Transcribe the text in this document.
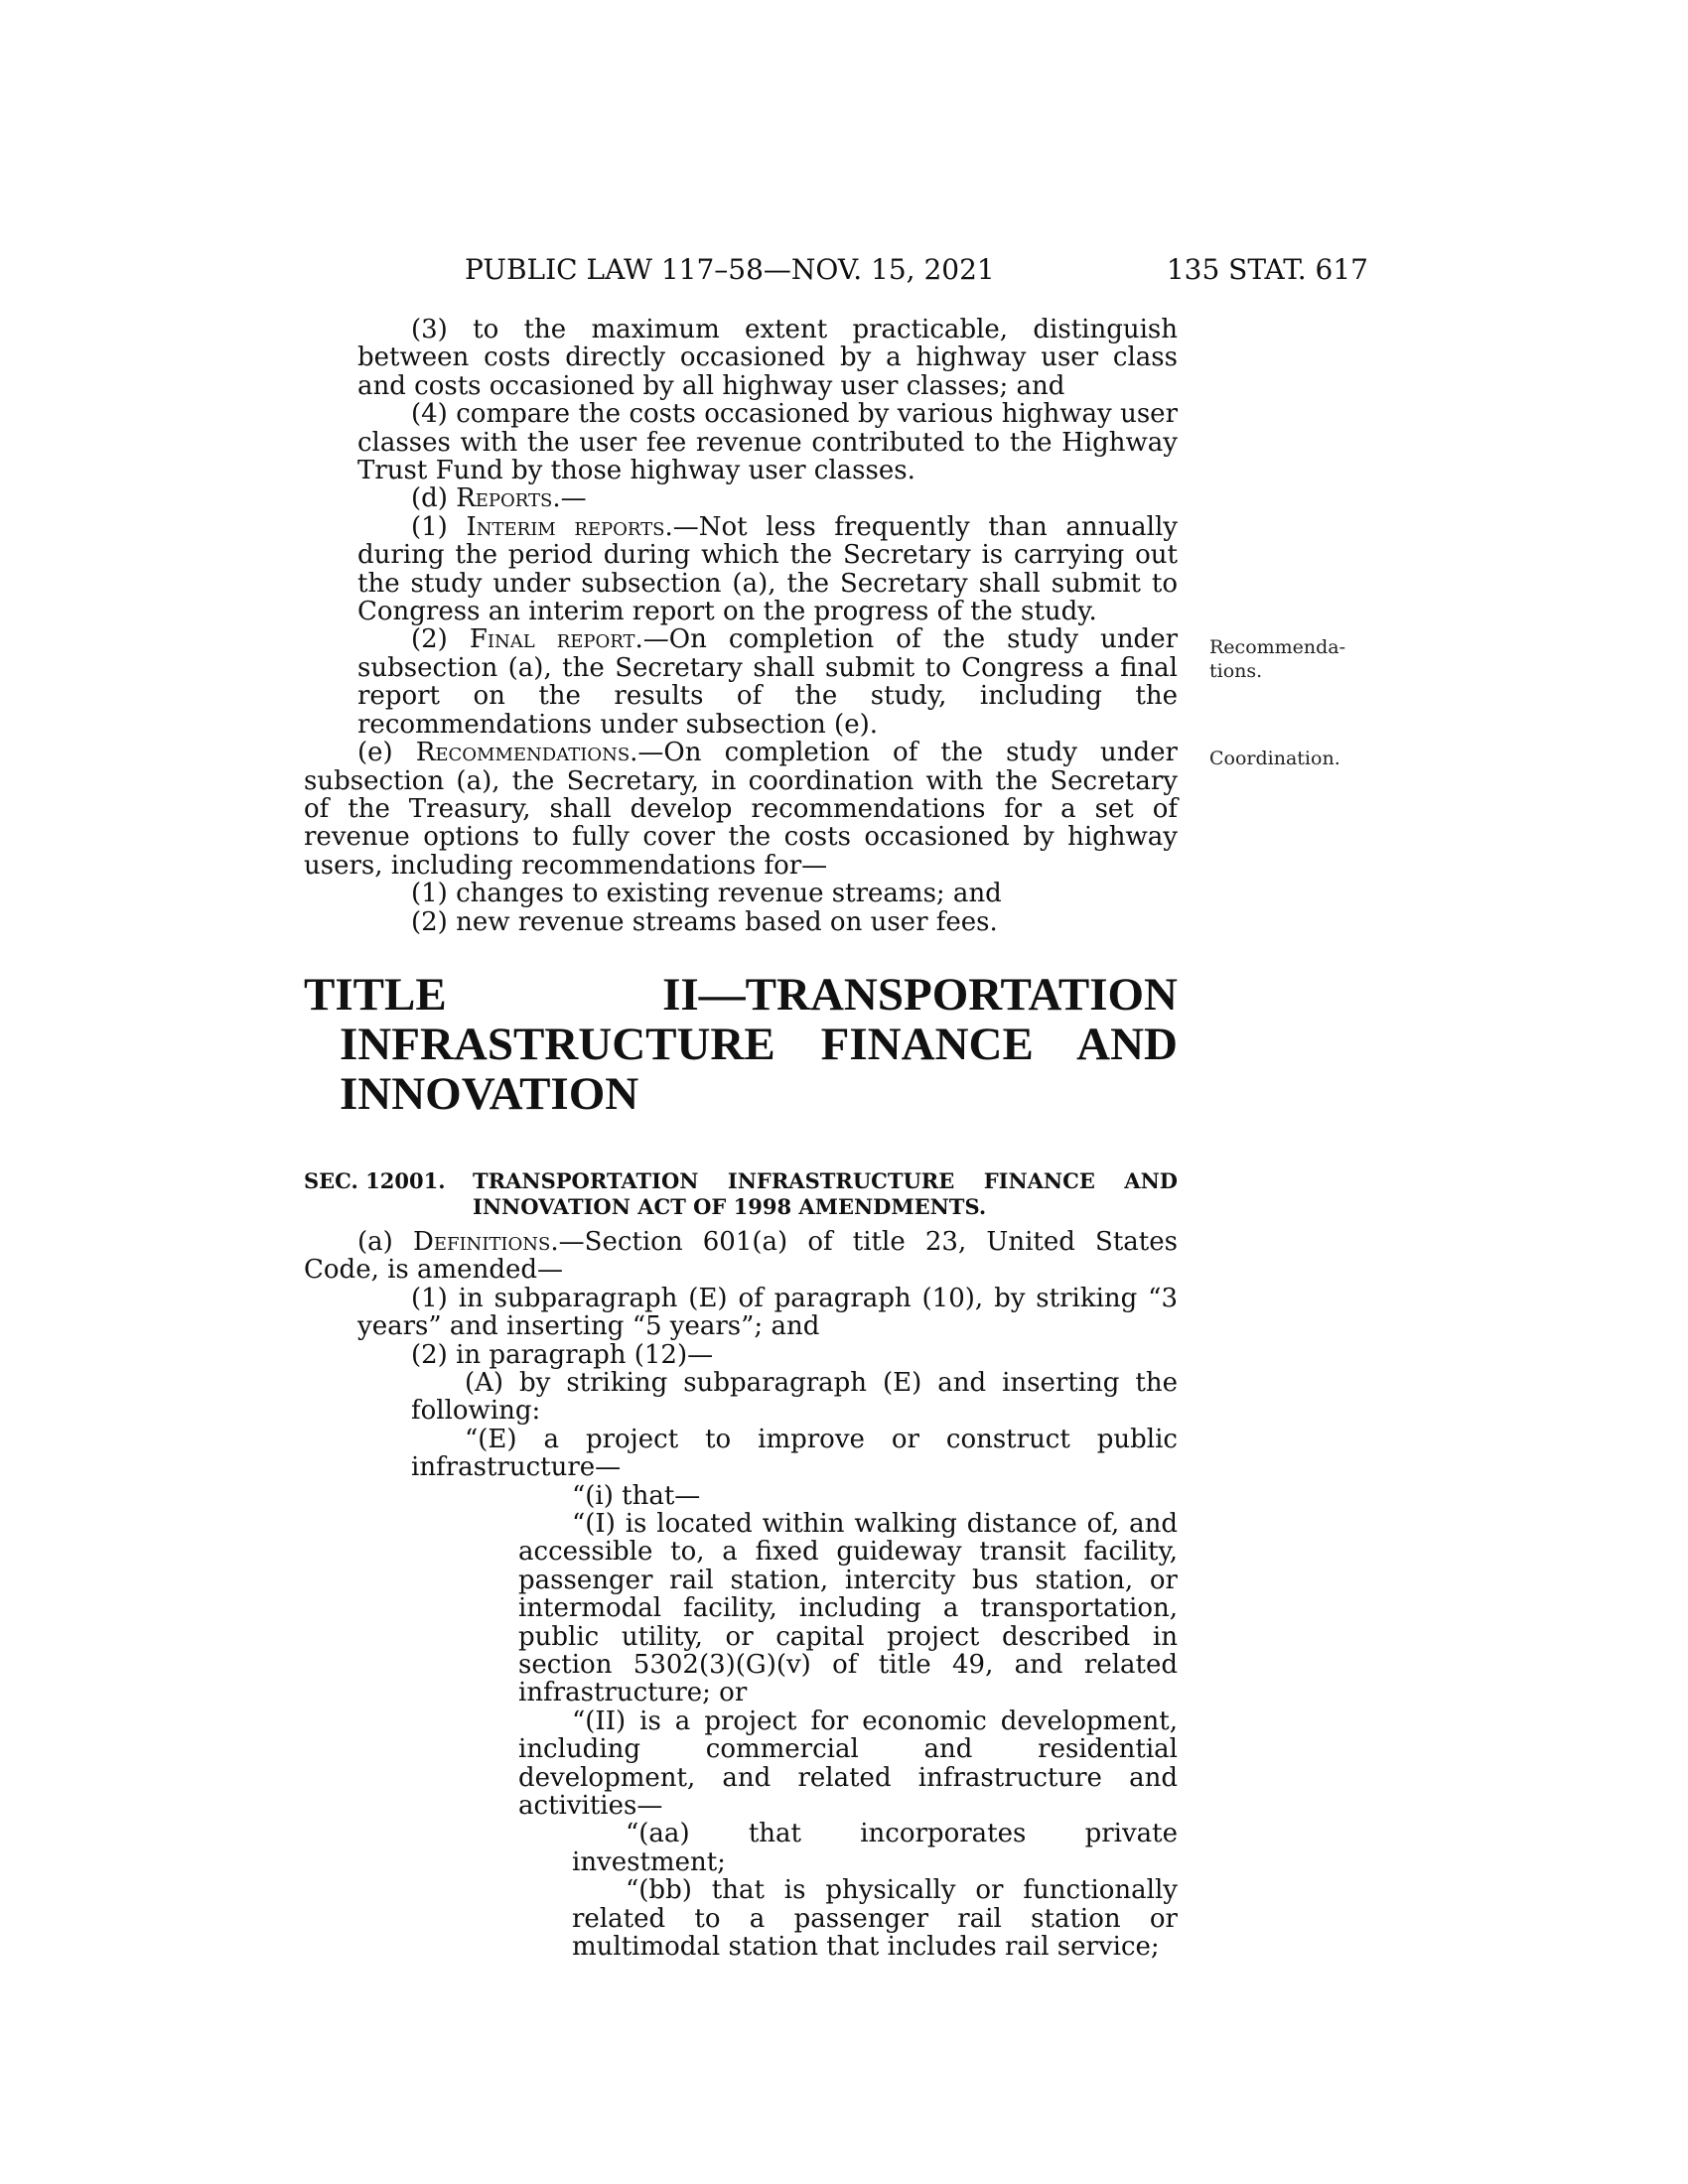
PUBLIC LAW 117–58—NOV. 15, 2021	135 STAT. 617
Recommenda-
tions.
Coordination.

(3) to the maximum extent practicable, distinguish between costs directly occasioned by a highway user class and costs occasioned by all highway user classes; and

(4) compare the costs occasioned by various highway user classes with the user fee revenue contributed to the Highway Trust Fund by those highway user classes.

(d) Reports.—

(1) Interim reports.—Not less frequently than annually during the period during which the Secretary is carrying out the study under subsection (a), the Secretary shall submit to Congress an interim report on the progress of the study.

(2) Final report.—On completion of the study under subsection (a), the Secretary shall submit to Congress a final report on the results of the study, including the recommendations under subsection (e).

(e) Recommendations.—On completion of the study under subsection (a), the Secretary, in coordination with the Secretary of the Treasury, shall develop recommendations for a set of revenue options to fully cover the costs occasioned by highway users, including recommendations for—

(1) changes to existing revenue streams; and

(2) new revenue streams based on user fees.

TITLE II—TRANSPORTATION INFRASTRUCTURE FINANCE AND INNOVATION
SEC. 12001. TRANSPORTATION INFRASTRUCTURE FINANCE AND INNOVATION ACT OF 1998 AMENDMENTS.

(a) Definitions.—Section 601(a) of title 23, United States Code, is amended—

(1) in subparagraph (E) of paragraph (10), by striking “3 years” and inserting “5 years”; and

(2) in paragraph (12)—

(A) by striking subparagraph (E) and inserting the following:

“(E) a project to improve or construct public infrastructure—

“(i) that—

“(I) is located within walking distance of, and accessible to, a fixed guideway transit facility, passenger rail station, intercity bus station, or intermodal facility, including a transportation, public utility, or capital project described in section 5302(3)(G)(v) of title 49, and related infrastructure; or

“(II) is a project for economic development, including commercial and residential development, and related infrastructure and activities—

“(aa) that incorporates private investment;

“(bb) that is physically or functionally related to a passenger rail station or multimodal station that includes rail service;
